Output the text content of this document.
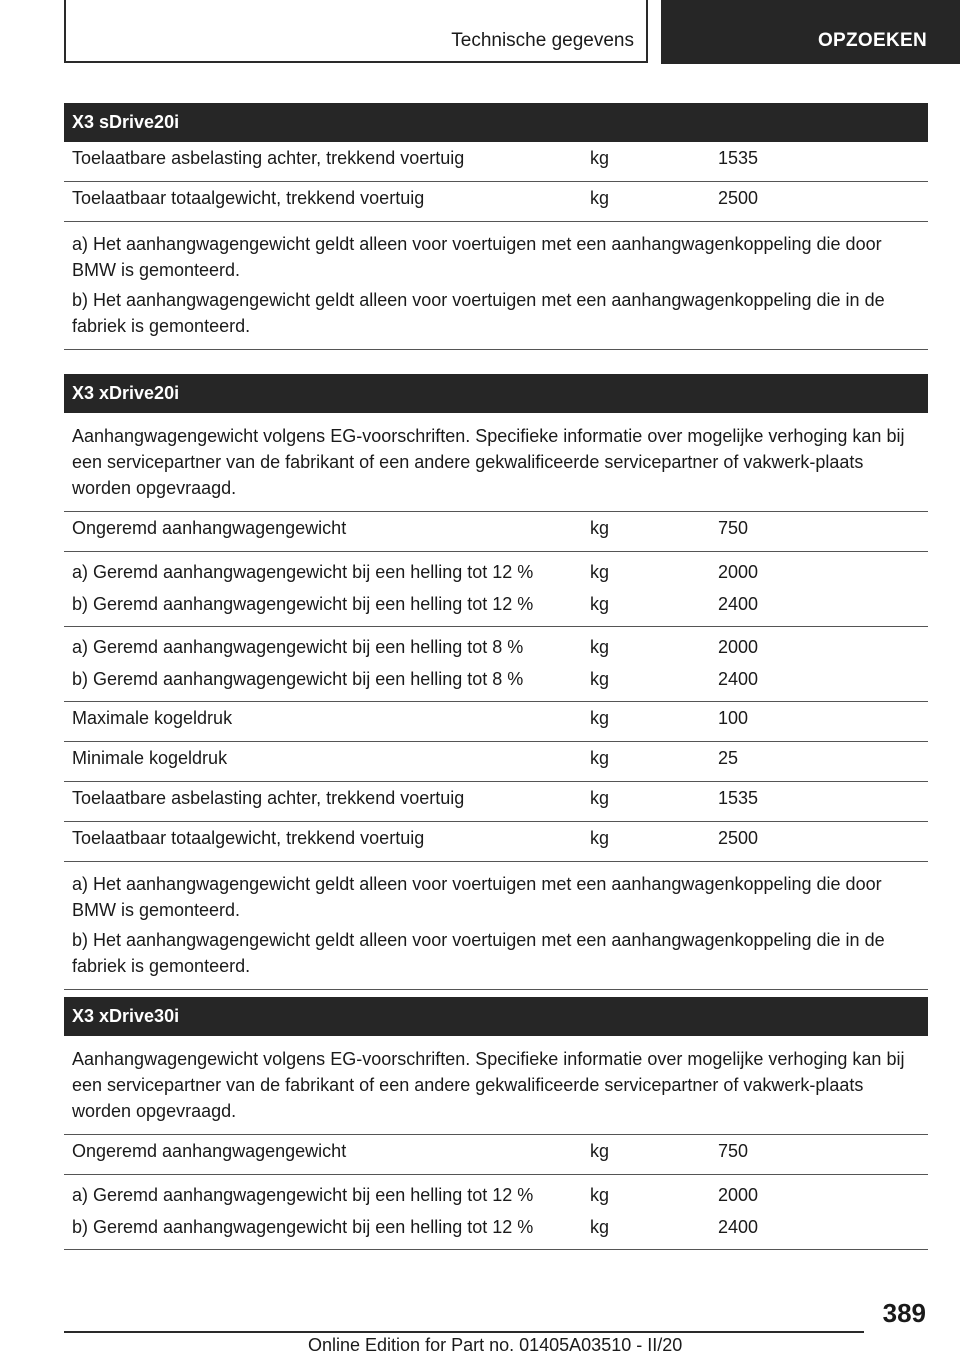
Technische gegevens	OPZOEKEN
X3 sDrive20i
Toelaatbare asbelasting achter, trekkend voertuig	kg	1535
Toelaatbaar totaalgewicht, trekkend voertuig	kg	2500

a) Het aanhangwagengewicht geldt alleen voor voertuigen met een aanhangwagenkoppeling die door BMW is gemonteerd.

b) Het aanhangwagengewicht geldt alleen voor voertuigen met een aanhangwagenkoppeling die in de fabriek is gemonteerd.

X3 xDrive20i
Aanhangwagengewicht volgens EG-voorschriften. Specifieke informatie over mogelijke verhoging kan bij een servicepartner van de fabrikant of een andere gekwalificeerde servicepartner of vakwerk-plaats worden opgevraagd.
Ongeremd aanhangwagengewicht	kg	750
a) Geremd aanhangwagengewicht bij een helling tot 12 %	kg	2000
b) Geremd aanhangwagengewicht bij een helling tot 12 %	kg	2400
a) Geremd aanhangwagengewicht bij een helling tot 8 %	kg	2000
b) Geremd aanhangwagengewicht bij een helling tot 8 %	kg	2400
Maximale kogeldruk	kg	100
Minimale kogeldruk	kg	25
Toelaatbare asbelasting achter, trekkend voertuig	kg	1535
Toelaatbaar totaalgewicht, trekkend voertuig	kg	2500

a) Het aanhangwagengewicht geldt alleen voor voertuigen met een aanhangwagenkoppeling die door BMW is gemonteerd.

b) Het aanhangwagengewicht geldt alleen voor voertuigen met een aanhangwagenkoppeling die in de fabriek is gemonteerd.

X3 xDrive30i
Aanhangwagengewicht volgens EG-voorschriften. Specifieke informatie over mogelijke verhoging kan bij een servicepartner van de fabrikant of een andere gekwalificeerde servicepartner of vakwerk-plaats worden opgevraagd.
Ongeremd aanhangwagengewicht	kg	750
a) Geremd aanhangwagengewicht bij een helling tot 12 %	kg	2000
b) Geremd aanhangwagengewicht bij een helling tot 12 %	kg	2400
389
Online Edition for Part no. 01405A03510 - II/20
